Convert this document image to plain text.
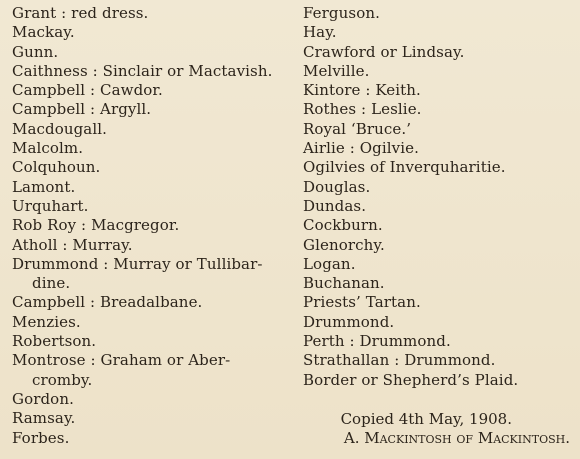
Grant : red dress.
Mackay.
Gunn.
Caithness : Sinclair or Mactavish.
Campbell : Cawdor.
Campbell : Argyll.
Macdougall.
Malcolm.
Colquhoun.
Lamont.
Urquhart.
Rob Roy : Macgregor.
Atholl : Murray.
Drummond : Murray or Tullibar-
dine.
Campbell : Breadalbane.
Menzies.
Robertson.
Montrose : Graham or Aber-
cromby.
Gordon.
Ramsay.
Forbes.
Ferguson.
Hay.
Crawford or Lindsay.
Melville.
Kintore : Keith.
Rothes : Leslie.
Royal ‘Bruce.’
Airlie : Ogilvie.
Ogilvies of Inverquharitie.
Douglas.
Dundas.
Cockburn.
Glenorchy.
Logan.
Buchanan.
Priests’ Tartan.
Drummond.
Perth : Drummond.
Strathallan : Drummond.
Border or Shepherd’s Plaid.
Copied 4th May, 1908.
A. Mackintosh of Mackintosh.
